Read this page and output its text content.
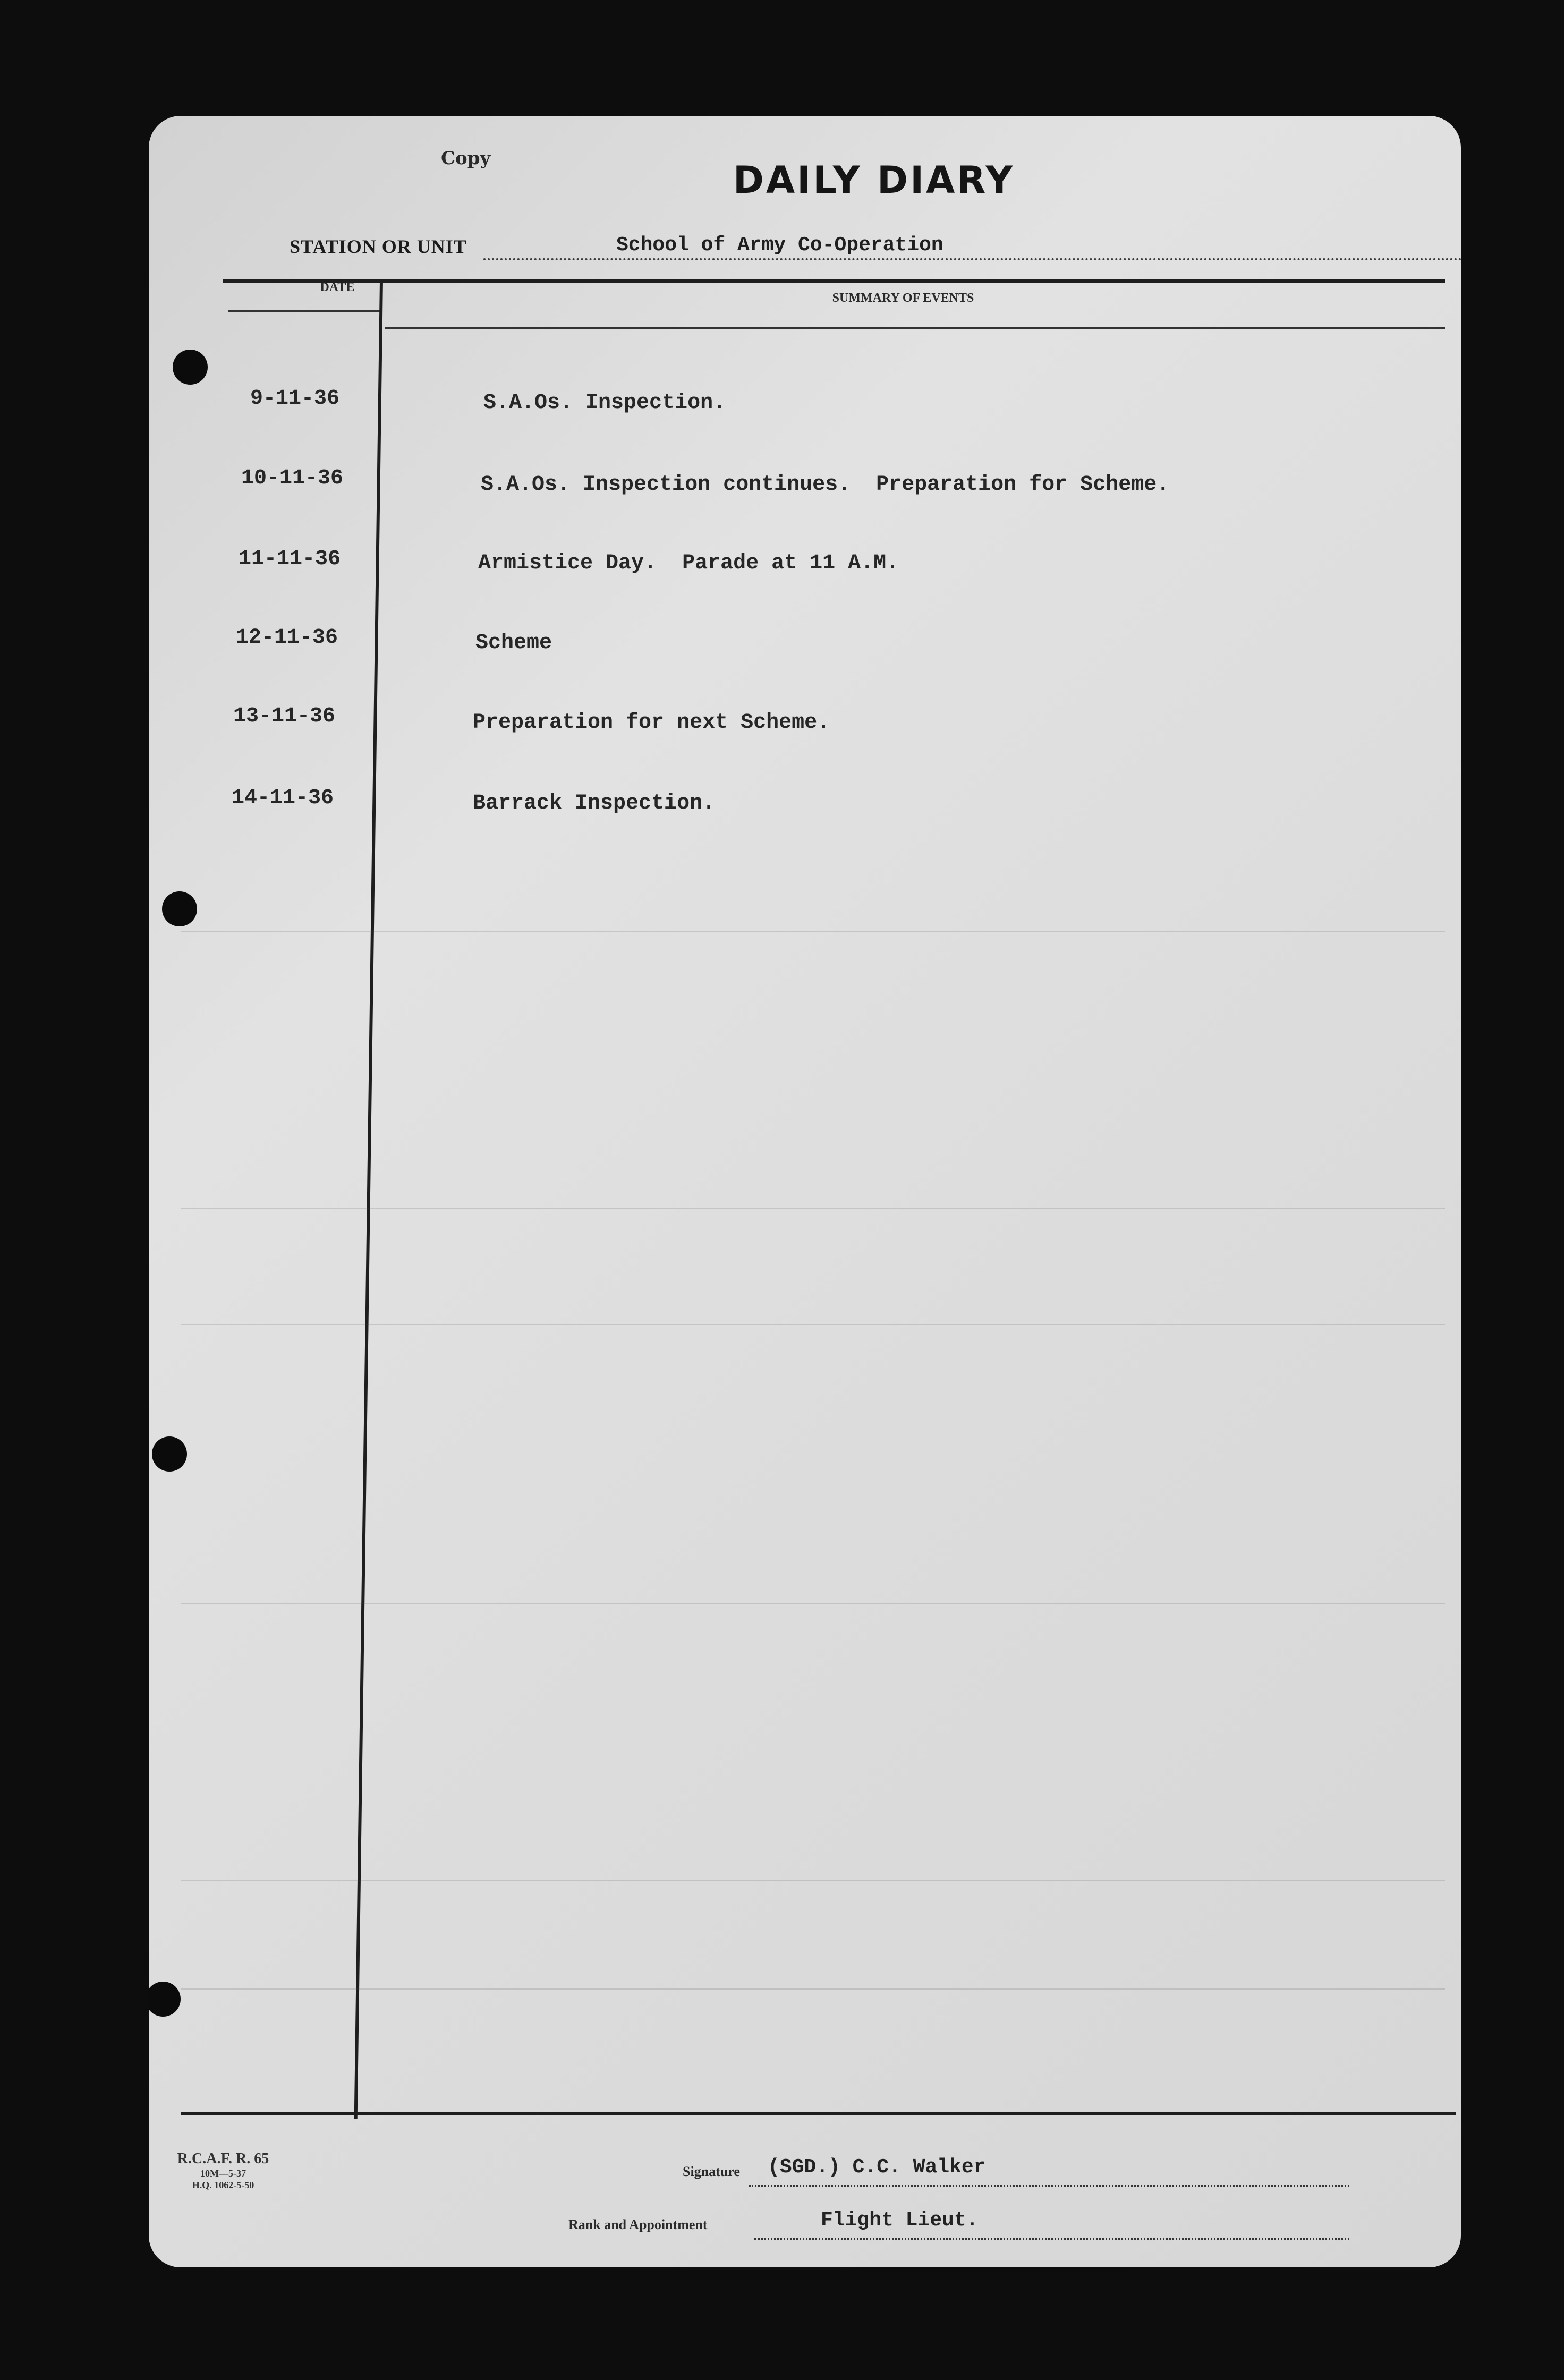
Copy	DAILY DIARY
STATION OR UNIT	School of Army Co-Operation
DATE
SUMMARY OF EVENTS
9-11-36	S.A.Os. Inspection.
10-11-36	S.A.Os. Inspection continues.  Preparation for Scheme.
11-11-36	Armistice Day.  Parade at 11 A.M.
12-11-36	Scheme
13-11-36	Preparation for next Scheme.
14-11-36	Barrack Inspection.
R.C.A.F. R. 65
10M—5-37
H.Q. 1062-5-50
Signature (SGD.) C.C. Walker
Rank and Appointment	Flight Lieut.
